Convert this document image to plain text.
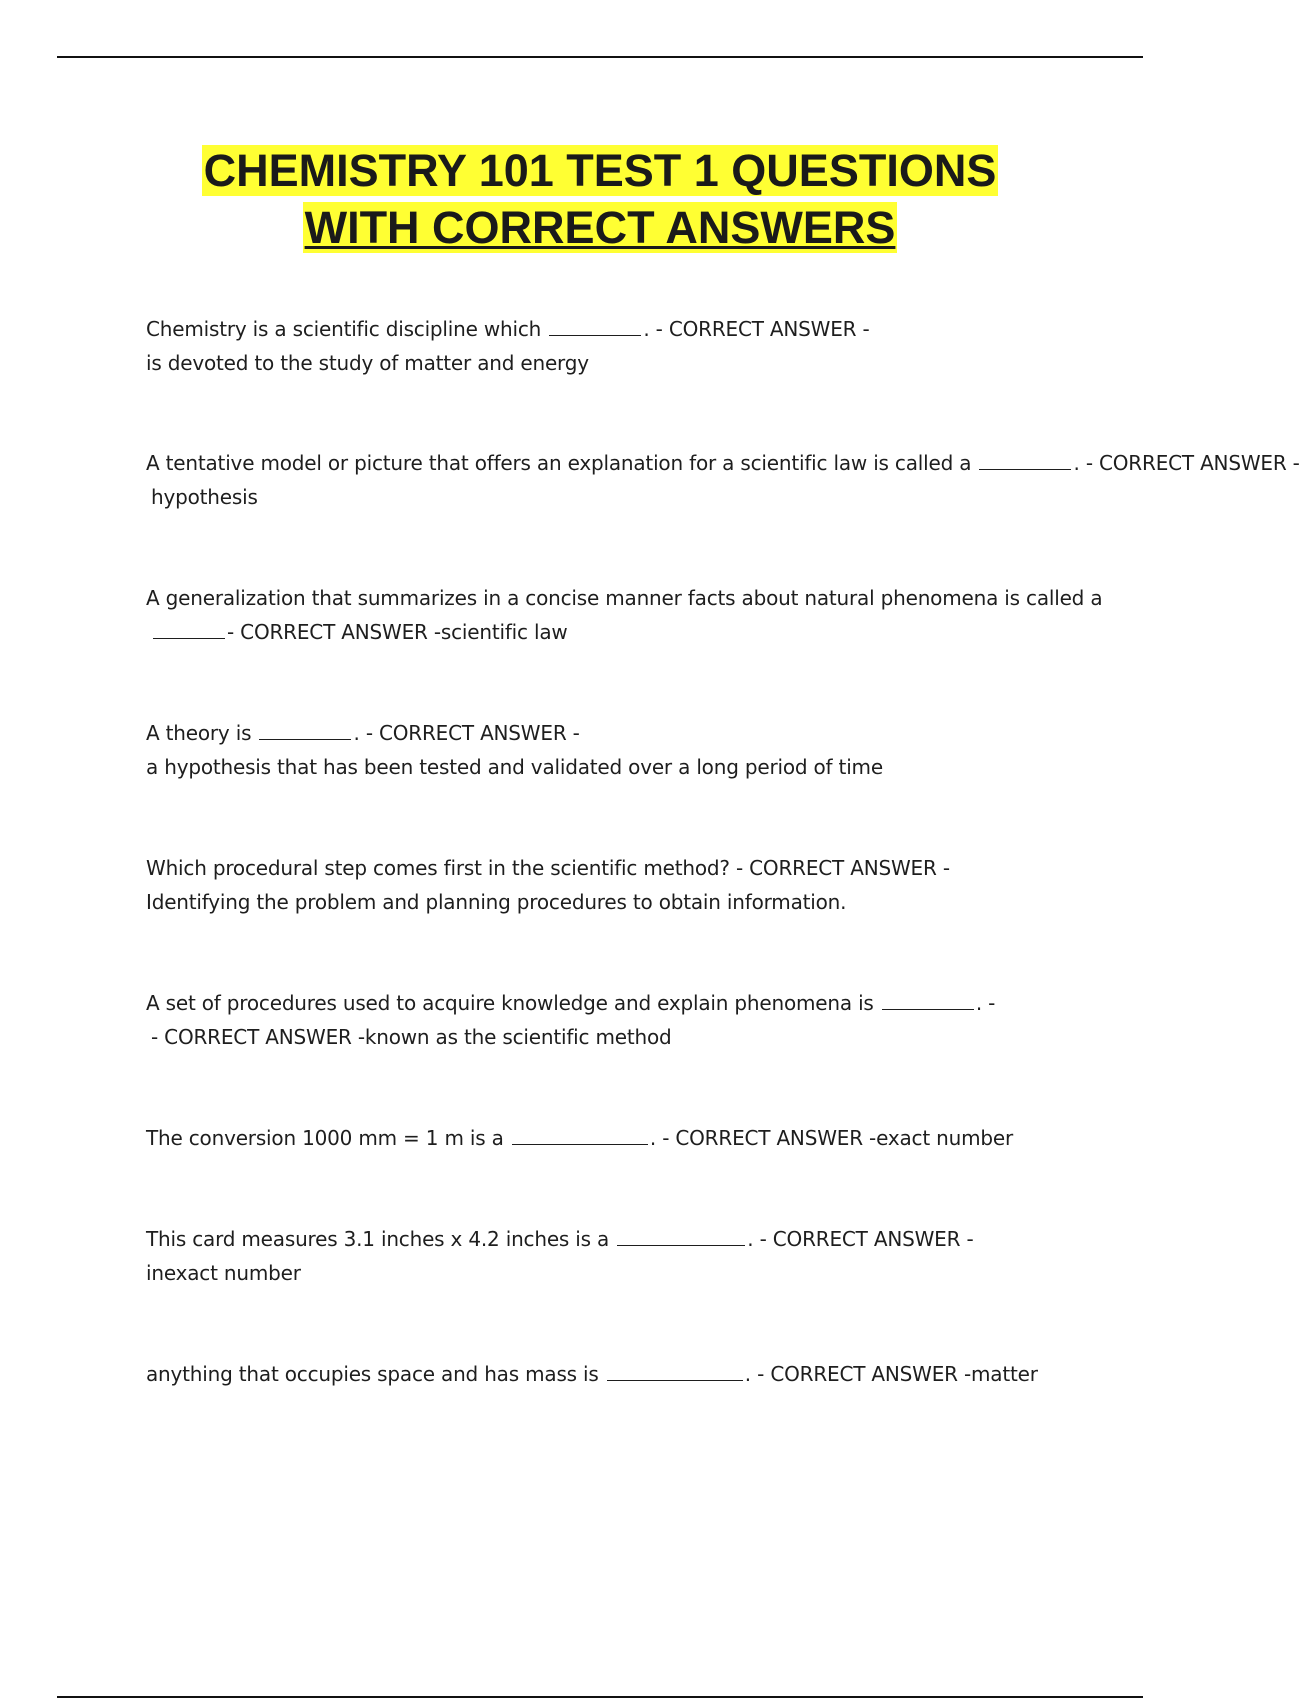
CHEMISTRY 101 TEST 1 QUESTIONS
WITH CORRECT ANSWERS
Chemistry is a scientific discipline which	. - CORRECT ANSWER -
is devoted to the study of matter and energy
A tentative model or picture that offers an explanation for a scientific law is called a	. - CORRECT ANSWER -
hypothesis
A generalization that summarizes in a concise manner facts about natural phenomena is called a
- CORRECT ANSWER -scientific law
A theory is	. - CORRECT ANSWER -
a hypothesis that has been tested and validated over a long period of time
Which procedural step comes first in the scientific method? - CORRECT ANSWER -
Identifying the problem and planning procedures to obtain information.
A set of procedures used to acquire knowledge and explain phenomena is	. -
- CORRECT ANSWER -known as the scientific method
The conversion 1000 mm = 1 m is a	. - CORRECT ANSWER -exact number
This card measures 3.1 inches x 4.2 inches is a	. - CORRECT ANSWER -
inexact number
anything that occupies space and has mass is	. - CORRECT ANSWER -matter
